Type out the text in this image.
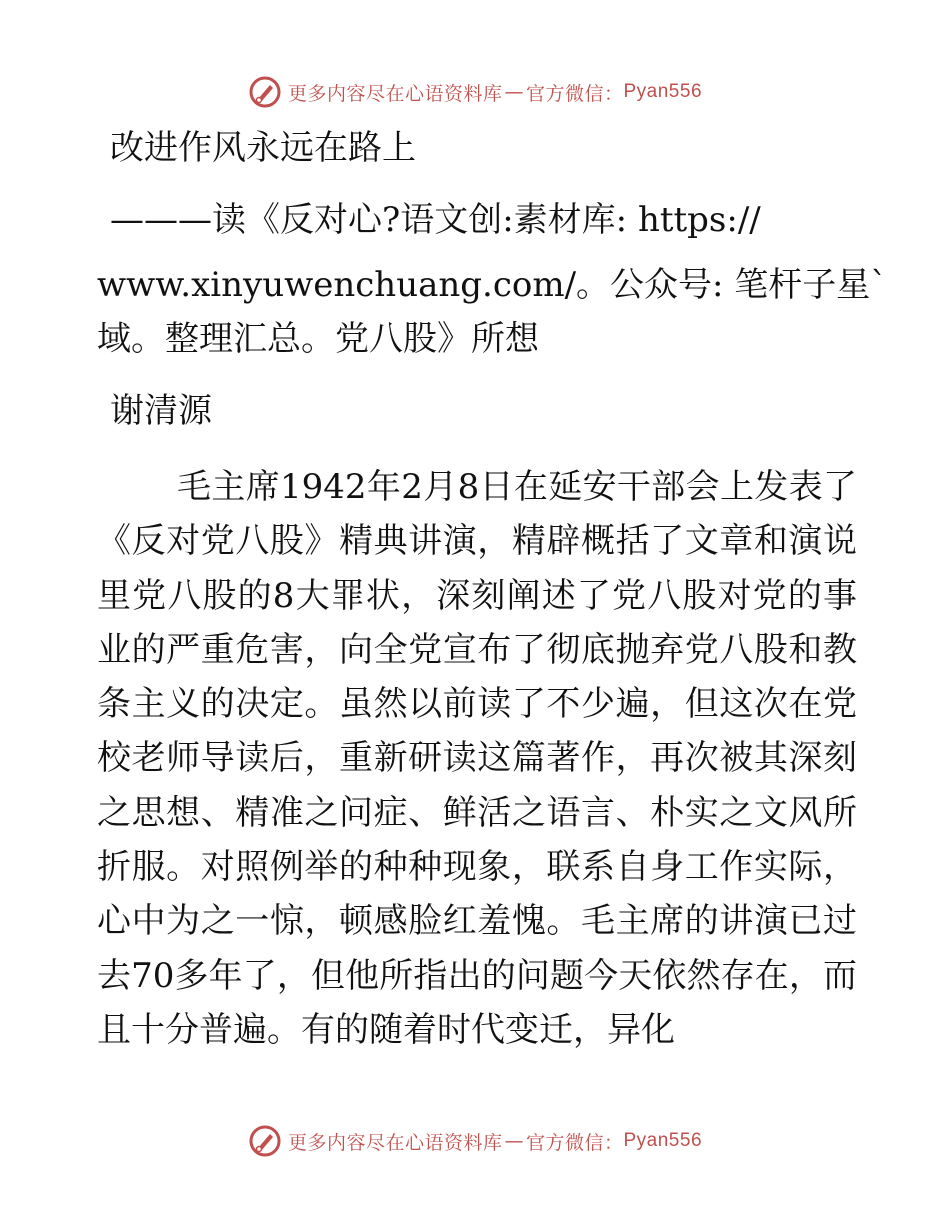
更多内容尽在心语资料库 — 官方微信： Pyan556
改进作风永远在路上
———读《反对心?语文创:素材库: https://
www.xinyuwenchuang.com/。公众号: 笔杆子星`
域。整理汇总。党八股》所想
谢清源
毛主席1942年2月8日在延安干部会上发表了《反对党八股》精典讲演，精辟概括了文章和演说里党八股的8大罪状，深刻阐述了党八股对党的事业的严重危害，向全党宣布了彻底抛弃党八股和教条主义的决定。虽然以前读了不少遍，但这次在党校老师导读后，重新研读这篇著作，再次被其深刻之思想、精准之问症、鲜活之语言、朴实之文风所折服。对照例举的种种现象，联系自身工作实际，心中为之一惊，顿感脸红羞愧。毛主席的讲演已过去70多年了，但他所指出的问题今天依然存在，而且十分普遍。有的随着时代变迁，异化
更多内容尽在心语资料库 — 官方微信： Pyan556
